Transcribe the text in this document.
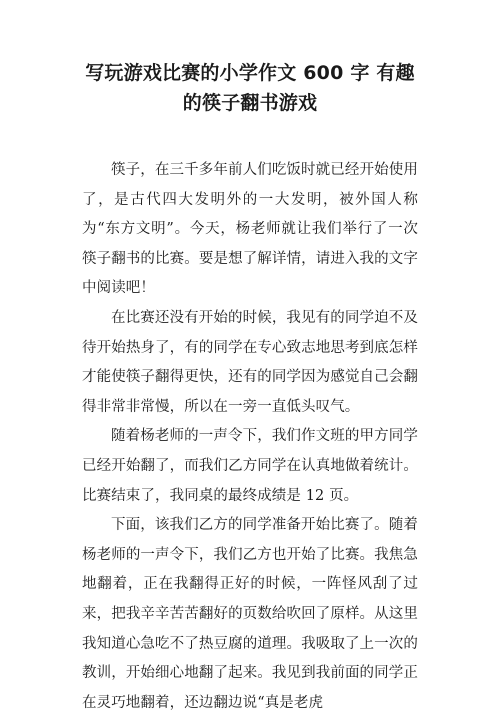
写玩游戏比赛的小学作文 600 字 有趣
的筷子翻书游戏

筷子，在三千多年前人们吃饭时就已经开始使用了，是古代四大发明外的一大发明，被外国人称为“东方文明”。今天，杨老师就让我们举行了一次筷子翻书的比赛。要是想了解详情，请进入我的文字中阅读吧！

在比赛还没有开始的时候，我见有的同学迫不及待开始热身了，有的同学在专心致志地思考到底怎样才能使筷子翻得更快，还有的同学因为感觉自己会翻得非常非常慢，所以在一旁一直低头叹气。

随着杨老师的一声令下，我们作文班的甲方同学已经开始翻了，而我们乙方同学在认真地做着统计。比赛结束了，我同桌的最终成绩是 12 页。

下面，该我们乙方的同学准备开始比赛了。随着杨老师的一声令下，我们乙方也开始了比赛。我焦急地翻着，正在我翻得正好的时候，一阵怪风刮了过来，把我辛辛苦苦翻好的页数给吹回了原样。从这里我知道心急吃不了热豆腐的道理。我吸取了上一次的教训，开始细心地翻了起来。我见到我前面的同学正在灵巧地翻着，还边翻边说“真是老虎
